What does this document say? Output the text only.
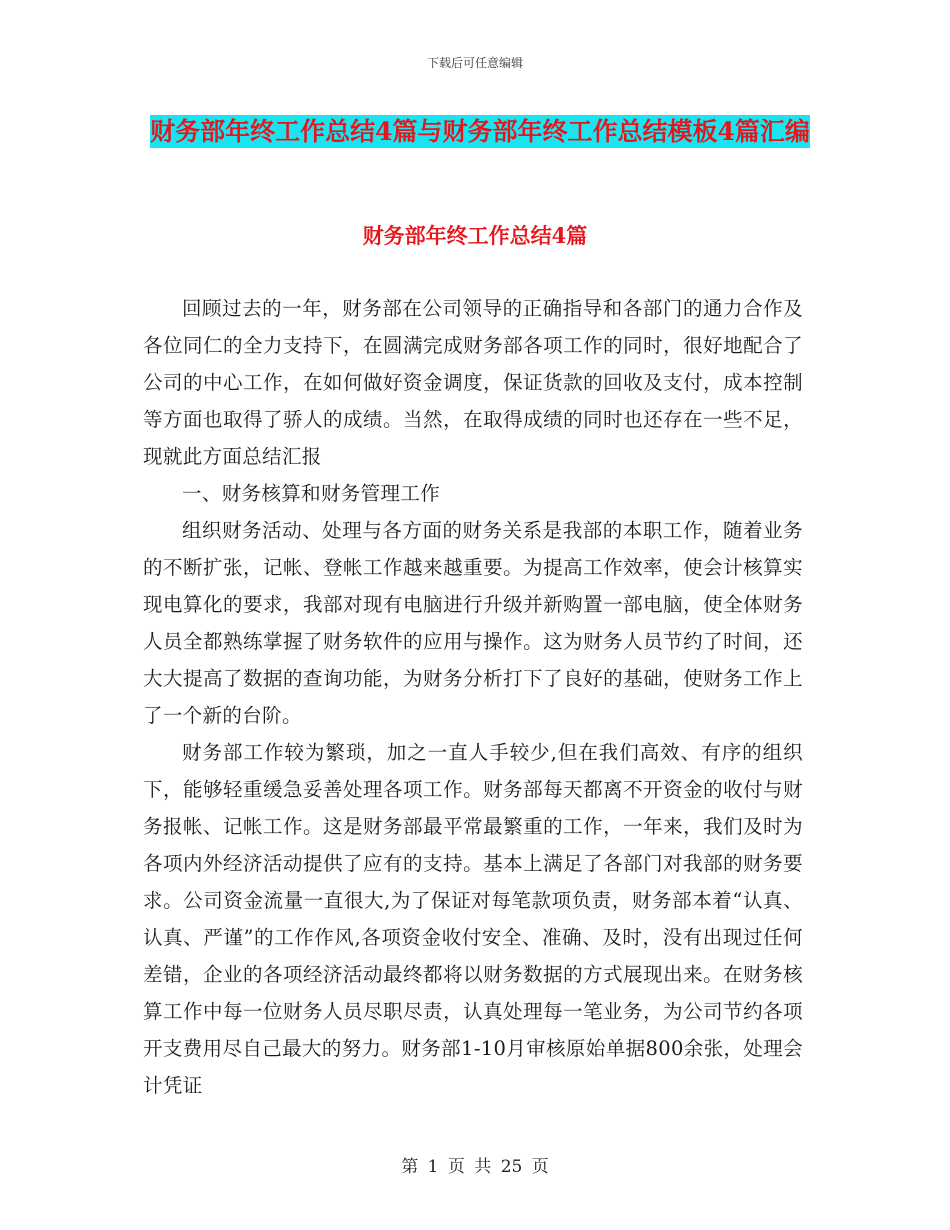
下载后可任意编辑
财务部年终工作总结4篇与财务部年终工作总结模板4篇汇编
财务部年终工作总结4篇

回顾过去的一年，财务部在公司领导的正确指导和各部门的通力合作及各位同仁的全力支持下，在圆满完成财务部各项工作的同时，很好地配合了公司的中心工作，在如何做好资金调度，保证货款的回收及支付，成本控制等方面也取得了骄人的成绩。当然，在取得成绩的同时也还存在一些不足，现就此方面总结汇报

一、财务核算和财务管理工作

组织财务活动、处理与各方面的财务关系是我部的本职工作，随着业务的不断扩张，记帐、登帐工作越来越重要。为提高工作效率，使会计核算实现电算化的要求，我部对现有电脑进行升级并新购置一部电脑，使全体财务人员全都熟练掌握了财务软件的应用与操作。这为财务人员节约了时间，还大大提高了数据的查询功能，为财务分析打下了良好的基础，使财务工作上了一个新的台阶。

财务部工作较为繁琐，加之一直人手较少,但在我们高效、有序的组织下，能够轻重缓急妥善处理各项工作。财务部每天都离不开资金的收付与财务报帐、记帐工作。这是财务部最平常最繁重的工作，一年来，我们及时为各项内外经济活动提供了应有的支持。基本上满足了各部门对我部的财务要求。公司资金流量一直很大,为了保证对每笔款项负责，财务部本着“认真、认真、严谨”的工作作风,各项资金收付安全、准确、及时，没有出现过任何差错，企业的各项经济活动最终都将以财务数据的方式展现出来。在财务核算工作中每一位财务人员尽职尽责，认真处理每一笔业务，为公司节约各项开支费用尽自己最大的努力。财务部1-10月审核原始单据800余张，处理会计凭证

第 1 页 共 25 页
